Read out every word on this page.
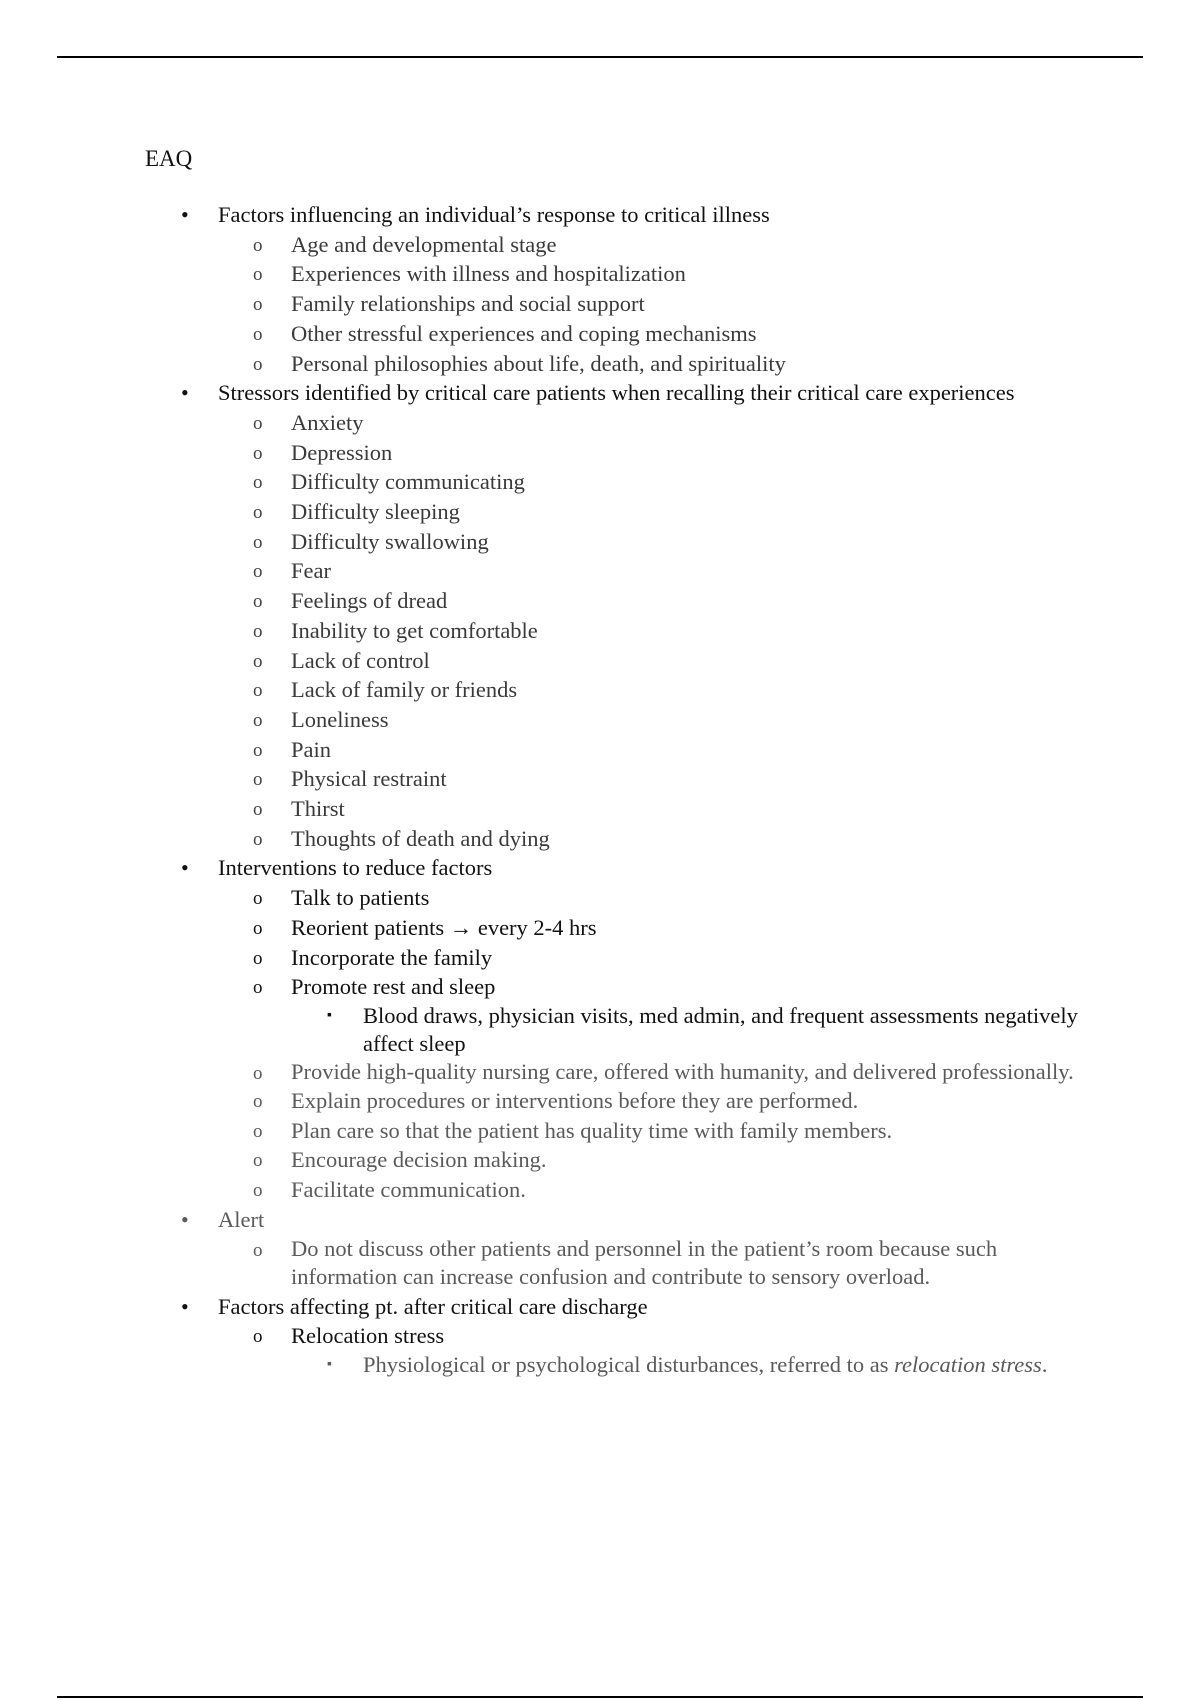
EAQ
• Factors influencing an individual’s response to critical illness
o Age and developmental stage
o Experiences with illness and hospitalization
o Family relationships and social support
o Other stressful experiences and coping mechanisms
o Personal philosophies about life, death, and spirituality
• Stressors identified by critical care patients when recalling their critical care experiences
o Anxiety
o Depression
o Difficulty communicating
o Difficulty sleeping
o Difficulty swallowing
o Fear
o Feelings of dread
o Inability to get comfortable
o Lack of control
o Lack of family or friends
o Loneliness
o Pain
o Physical restraint
o Thirst
o Thoughts of death and dying
• Interventions to reduce factors
o Talk to patients
o Reorient patients → every 2-4 hrs
o Incorporate the family
o Promote rest and sleep
▪ Blood draws, physician visits, med admin, and frequent assessments negatively affect sleep
o Provide high-quality nursing care, offered with humanity, and delivered professionally.
o Explain procedures or interventions before they are performed.
o Plan care so that the patient has quality time with family members.
o Encourage decision making.
o Facilitate communication.
• Alert
o Do not discuss other patients and personnel in the patient’s room because such information can increase confusion and contribute to sensory overload.
• Factors affecting pt. after critical care discharge
o Relocation stress
▪ Physiological or psychological disturbances, referred to as relocation stress.
